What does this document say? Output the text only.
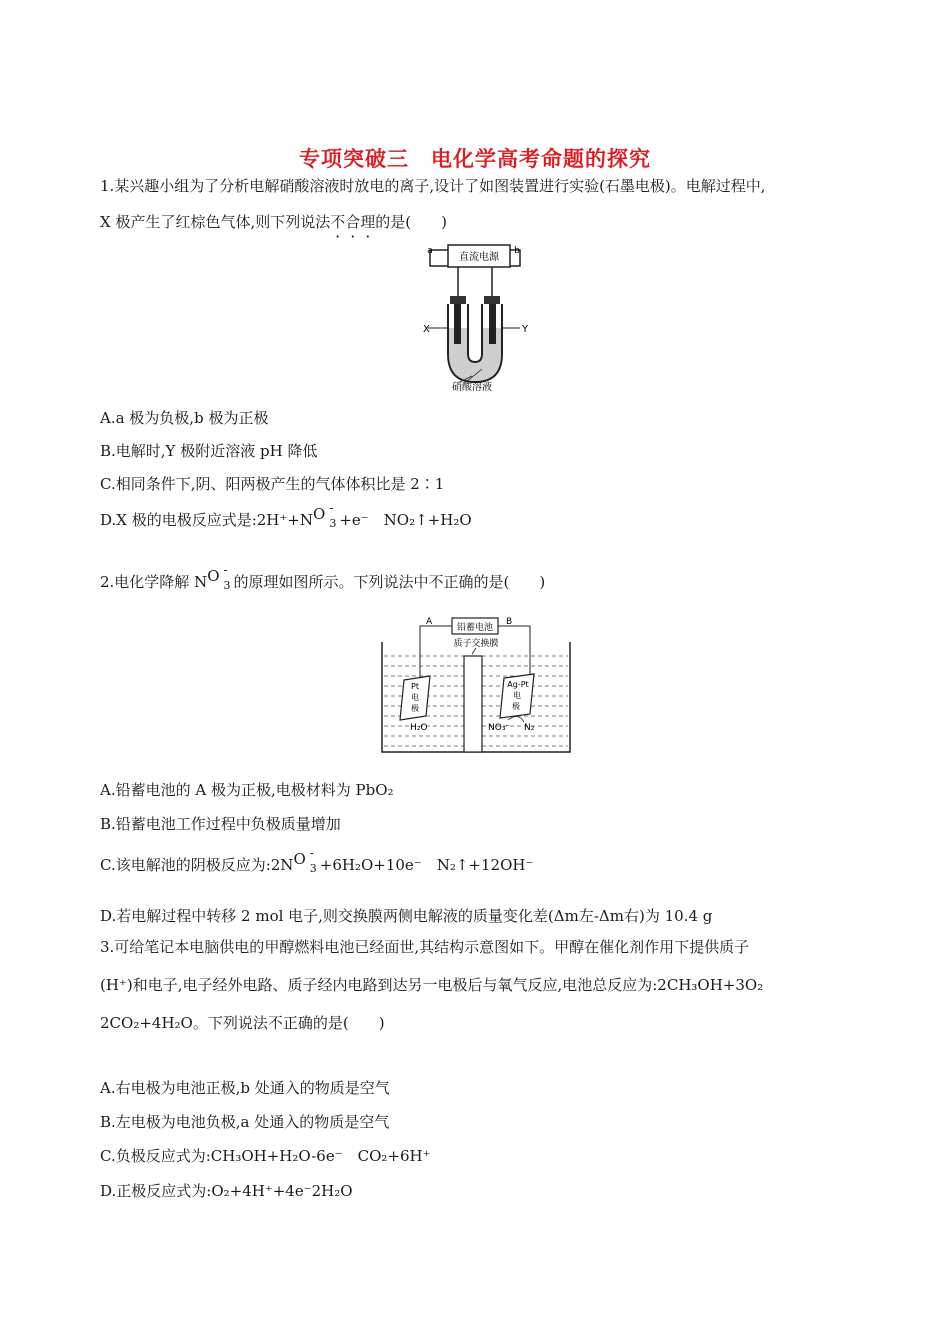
专项突破三　电化学高考命题的探究
1.某兴趣小组为了分析电解硝酸溶液时放电的离子,设计了如图装置进行实验(石墨电极)。电解过程中,
X 极产生了红棕色气体,则下列说法不合理的是(　　)
直流电源
a	b
X	Y
硝酸溶液
A.a 极为负极,b 极为正极
B.电解时,Y 极附近溶液 pH 降低
C.相同条件下,阴、阳两极产生的气体体积比是 2∶1
D.X 极的电极反应式是:2H⁺+NO -
3 +e⁻　NO₂↑+H₂O
2.电化学降解 NO -
3 的原理如图所示。下列说法中不正确的是(　　)
铅蓄电池
A	B
质子交换膜
Pt
电
极
Ag-Pt
电
极
H₂O	NO₃⁻ N₂
A.铅蓄电池的 A 极为正极,电极材料为 PbO₂
B.铅蓄电池工作过程中负极质量增加
C.该电解池的阴极反应为:2NO -
3 +6H₂O+10e⁻　N₂↑+12OH⁻
D.若电解过程中转移 2 mol 电子,则交换膜两侧电解液的质量变化差(Δm左-Δm右)为 10.4 g
3.可给笔记本电脑供电的甲醇燃料电池已经面世,其结构示意图如下。甲醇在催化剂作用下提供质子
(H⁺)和电子,电子经外电路、质子经内电路到达另一电极后与氧气反应,电池总反应为:2CH₃OH+3O₂
2CO₂+4H₂O。下列说法不正确的是(　　)
A.右电极为电池正极,b 处通入的物质是空气
B.左电极为电池负极,a 处通入的物质是空气
C.负极反应式为:CH₃OH+H₂O-6e⁻　CO₂+6H⁺
D.正极反应式为:O₂+4H⁺+4e⁻2H₂O
